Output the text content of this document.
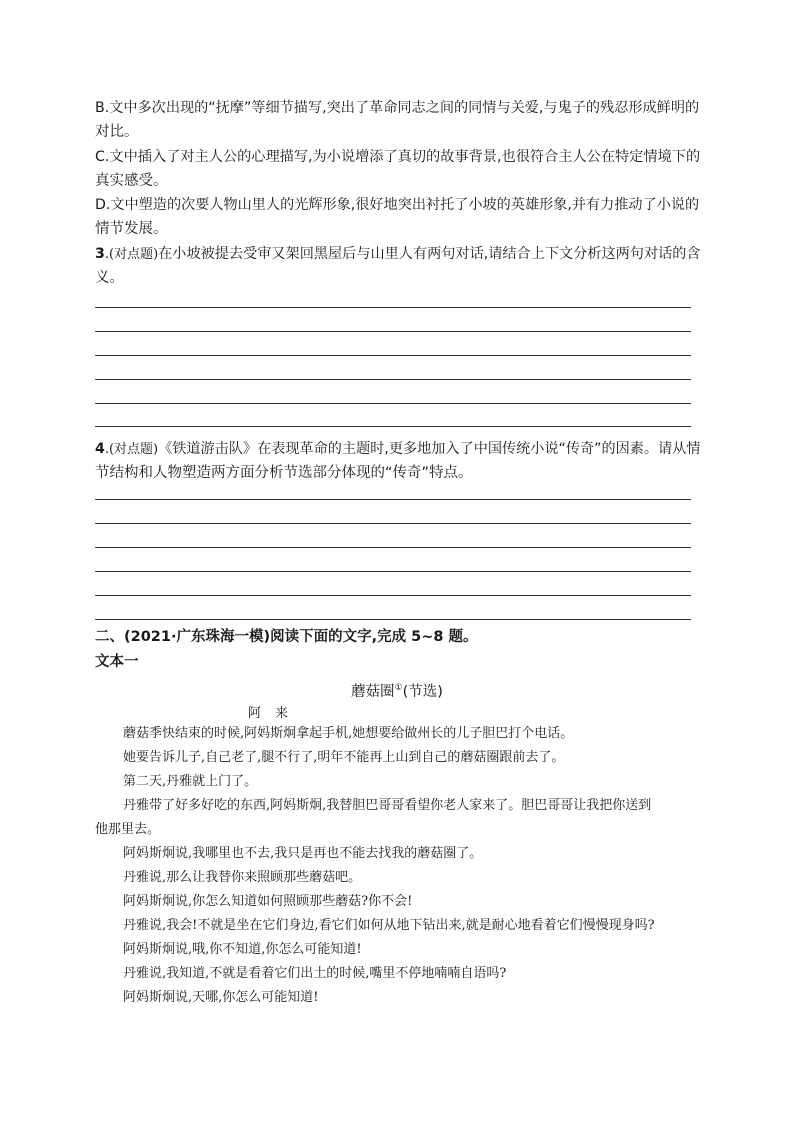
B.文中多次出现的“抚摩”等细节描写,突出了革命同志之间的同情与关爱,与鬼子的残忍形成鲜明的
对比。
C.文中插入了对主人公的心理描写,为小说增添了真切的故事背景,也很符合主人公在特定情境下的
真实感受。
D.文中塑造的次要人物山里人的光辉形象,很好地突出衬托了小坡的英雄形象,并有力推动了小说的
情节发展。
3.(对点题)在小坡被提去受审又架回黑屋后与山里人有两句对话,请结合上下文分析这两句对话的含
义。
4.(对点题)《铁道游击队》在表现革命的主题时,更多地加入了中国传统小说“传奇”的因素。请从情
节结构和人物塑造两方面分析节选部分体现的“传奇”特点。
二、(2021·广东珠海一模)阅读下面的文字,完成 5~8 题。
文本一
蘑菇圈①(节选)
阿来
蘑菇季快结束的时候,阿妈斯炯拿起手机,她想要给做州长的儿子胆巴打个电话。
她要告诉儿子,自己老了,腿不行了,明年不能再上山到自己的蘑菇圈跟前去了。
第二天,丹雅就上门了。
丹雅带了好多好吃的东西,阿妈斯炯,我替胆巴哥哥看望你老人家来了。胆巴哥哥让我把你送到
他那里去。
阿妈斯炯说,我哪里也不去,我只是再也不能去找我的蘑菇圈了。
丹雅说,那么让我替你来照顾那些蘑菇吧。
阿妈斯炯说,你怎么知道如何照顾那些蘑菇?你不会!
丹雅说,我会!不就是坐在它们身边,看它们如何从地下钻出来,就是耐心地看着它们慢慢现身吗?
阿妈斯炯说,哦,你不知道,你怎么可能知道!
丹雅说,我知道,不就是看着它们出土的时候,嘴里不停地喃喃自语吗?
阿妈斯炯说,天哪,你怎么可能知道!
